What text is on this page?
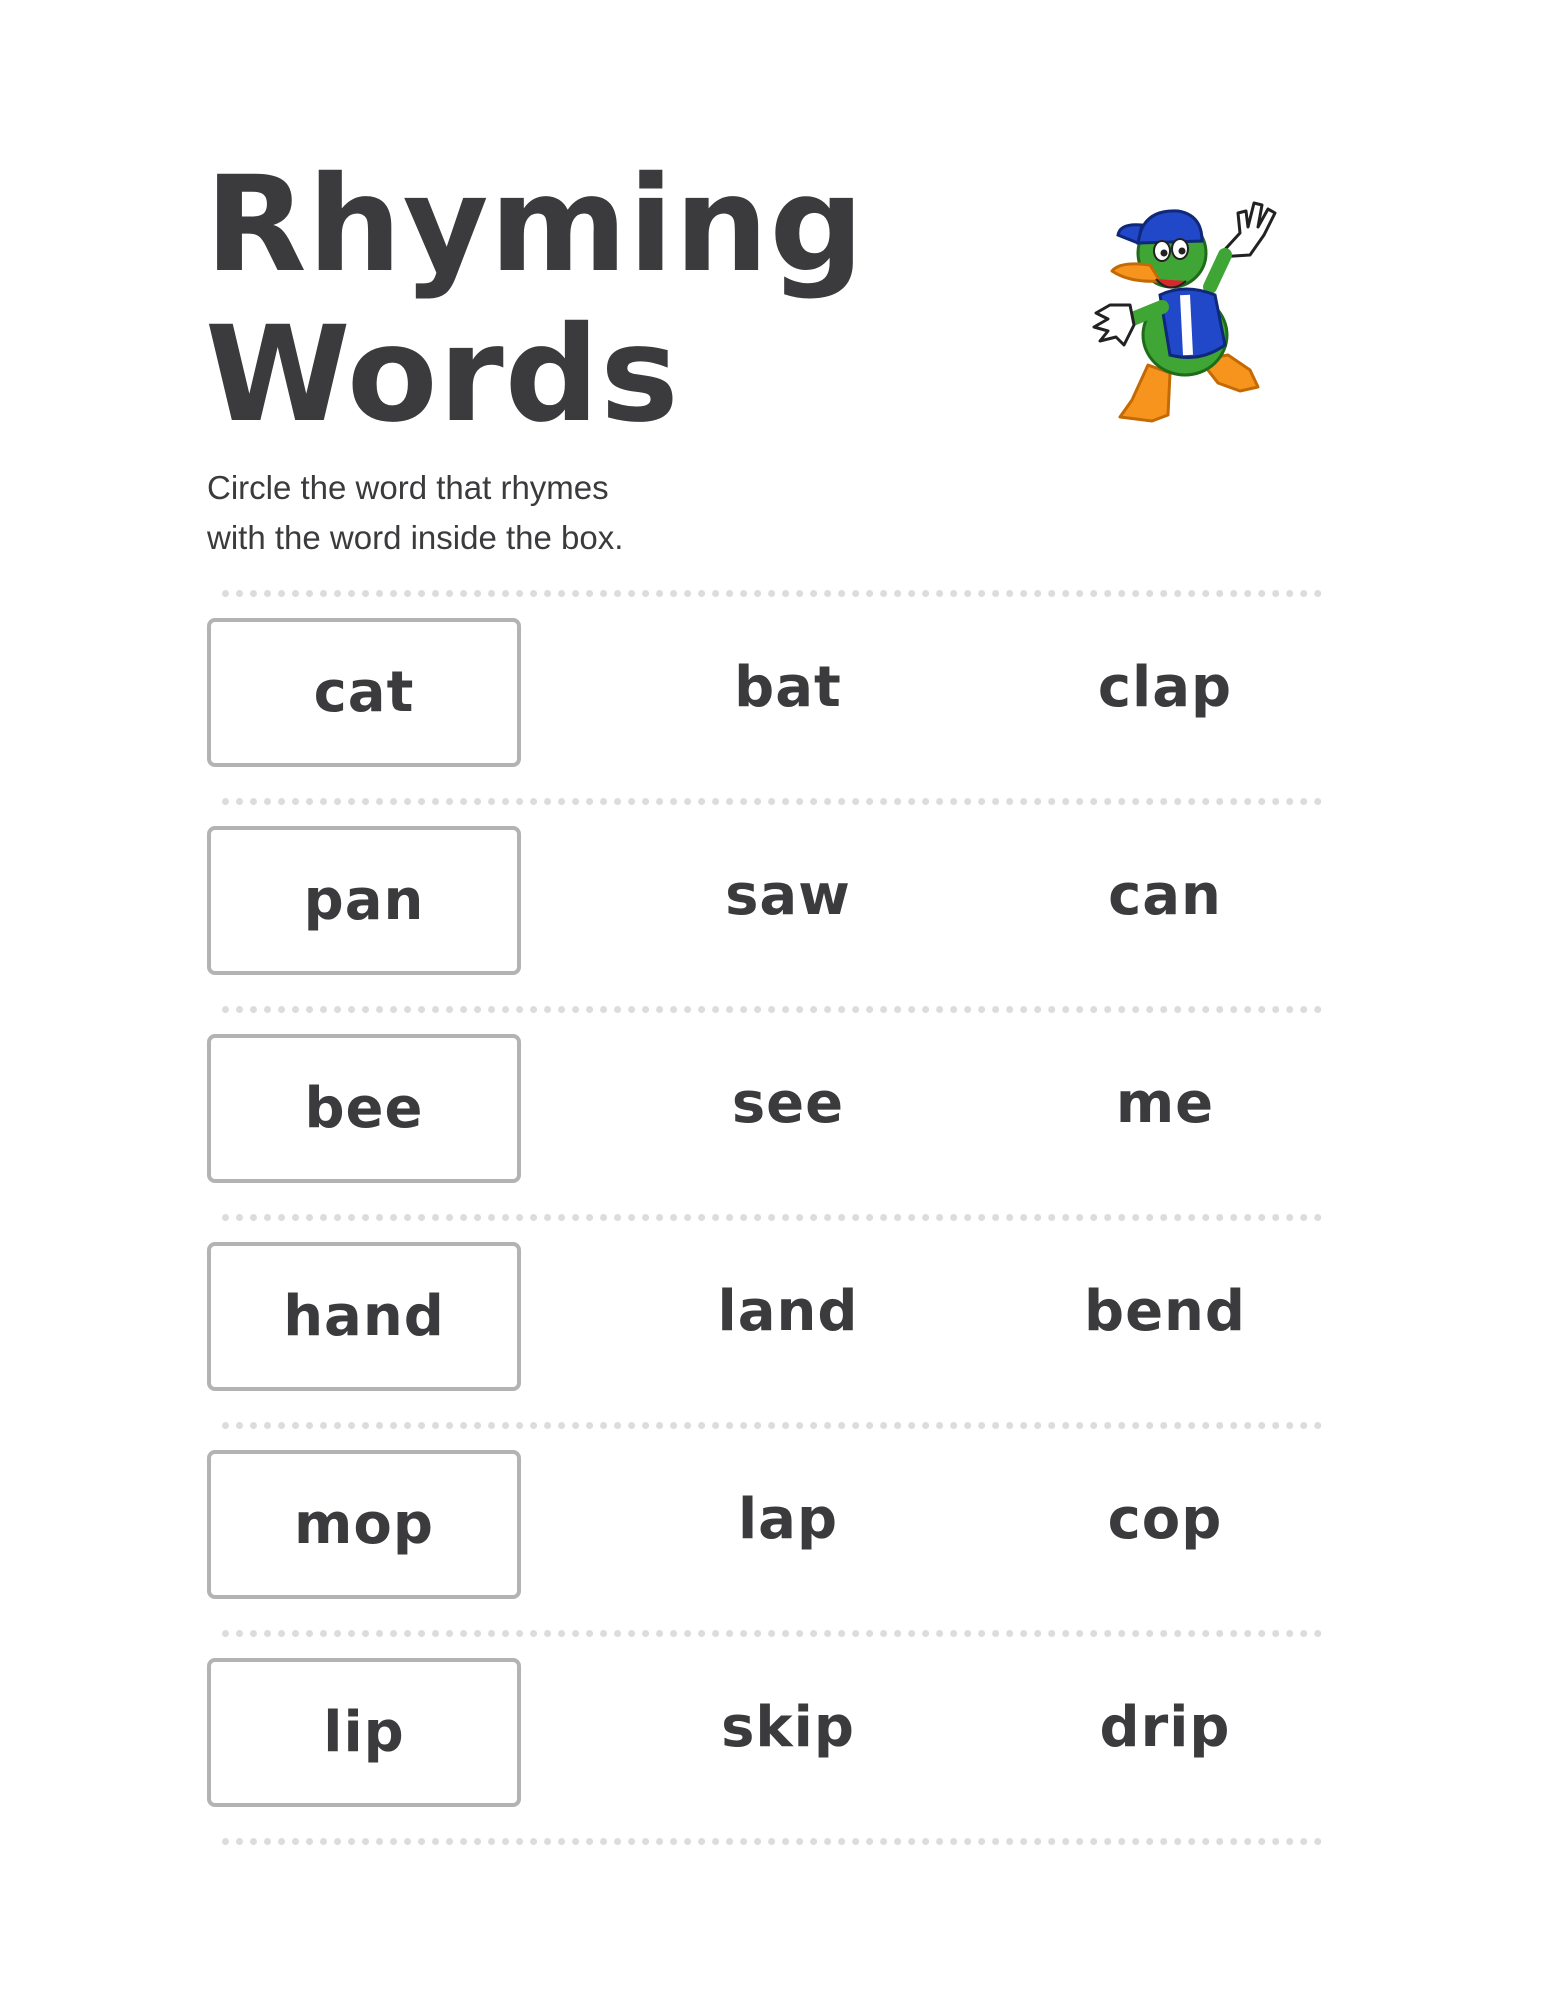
Rhyming
Words

Circle the word that rhymes
with the word inside the box.

cat	bat	clap
pan	saw	can
bee	see	me
hand	land	bend
mop	lap	cop
lip	skip	drip
